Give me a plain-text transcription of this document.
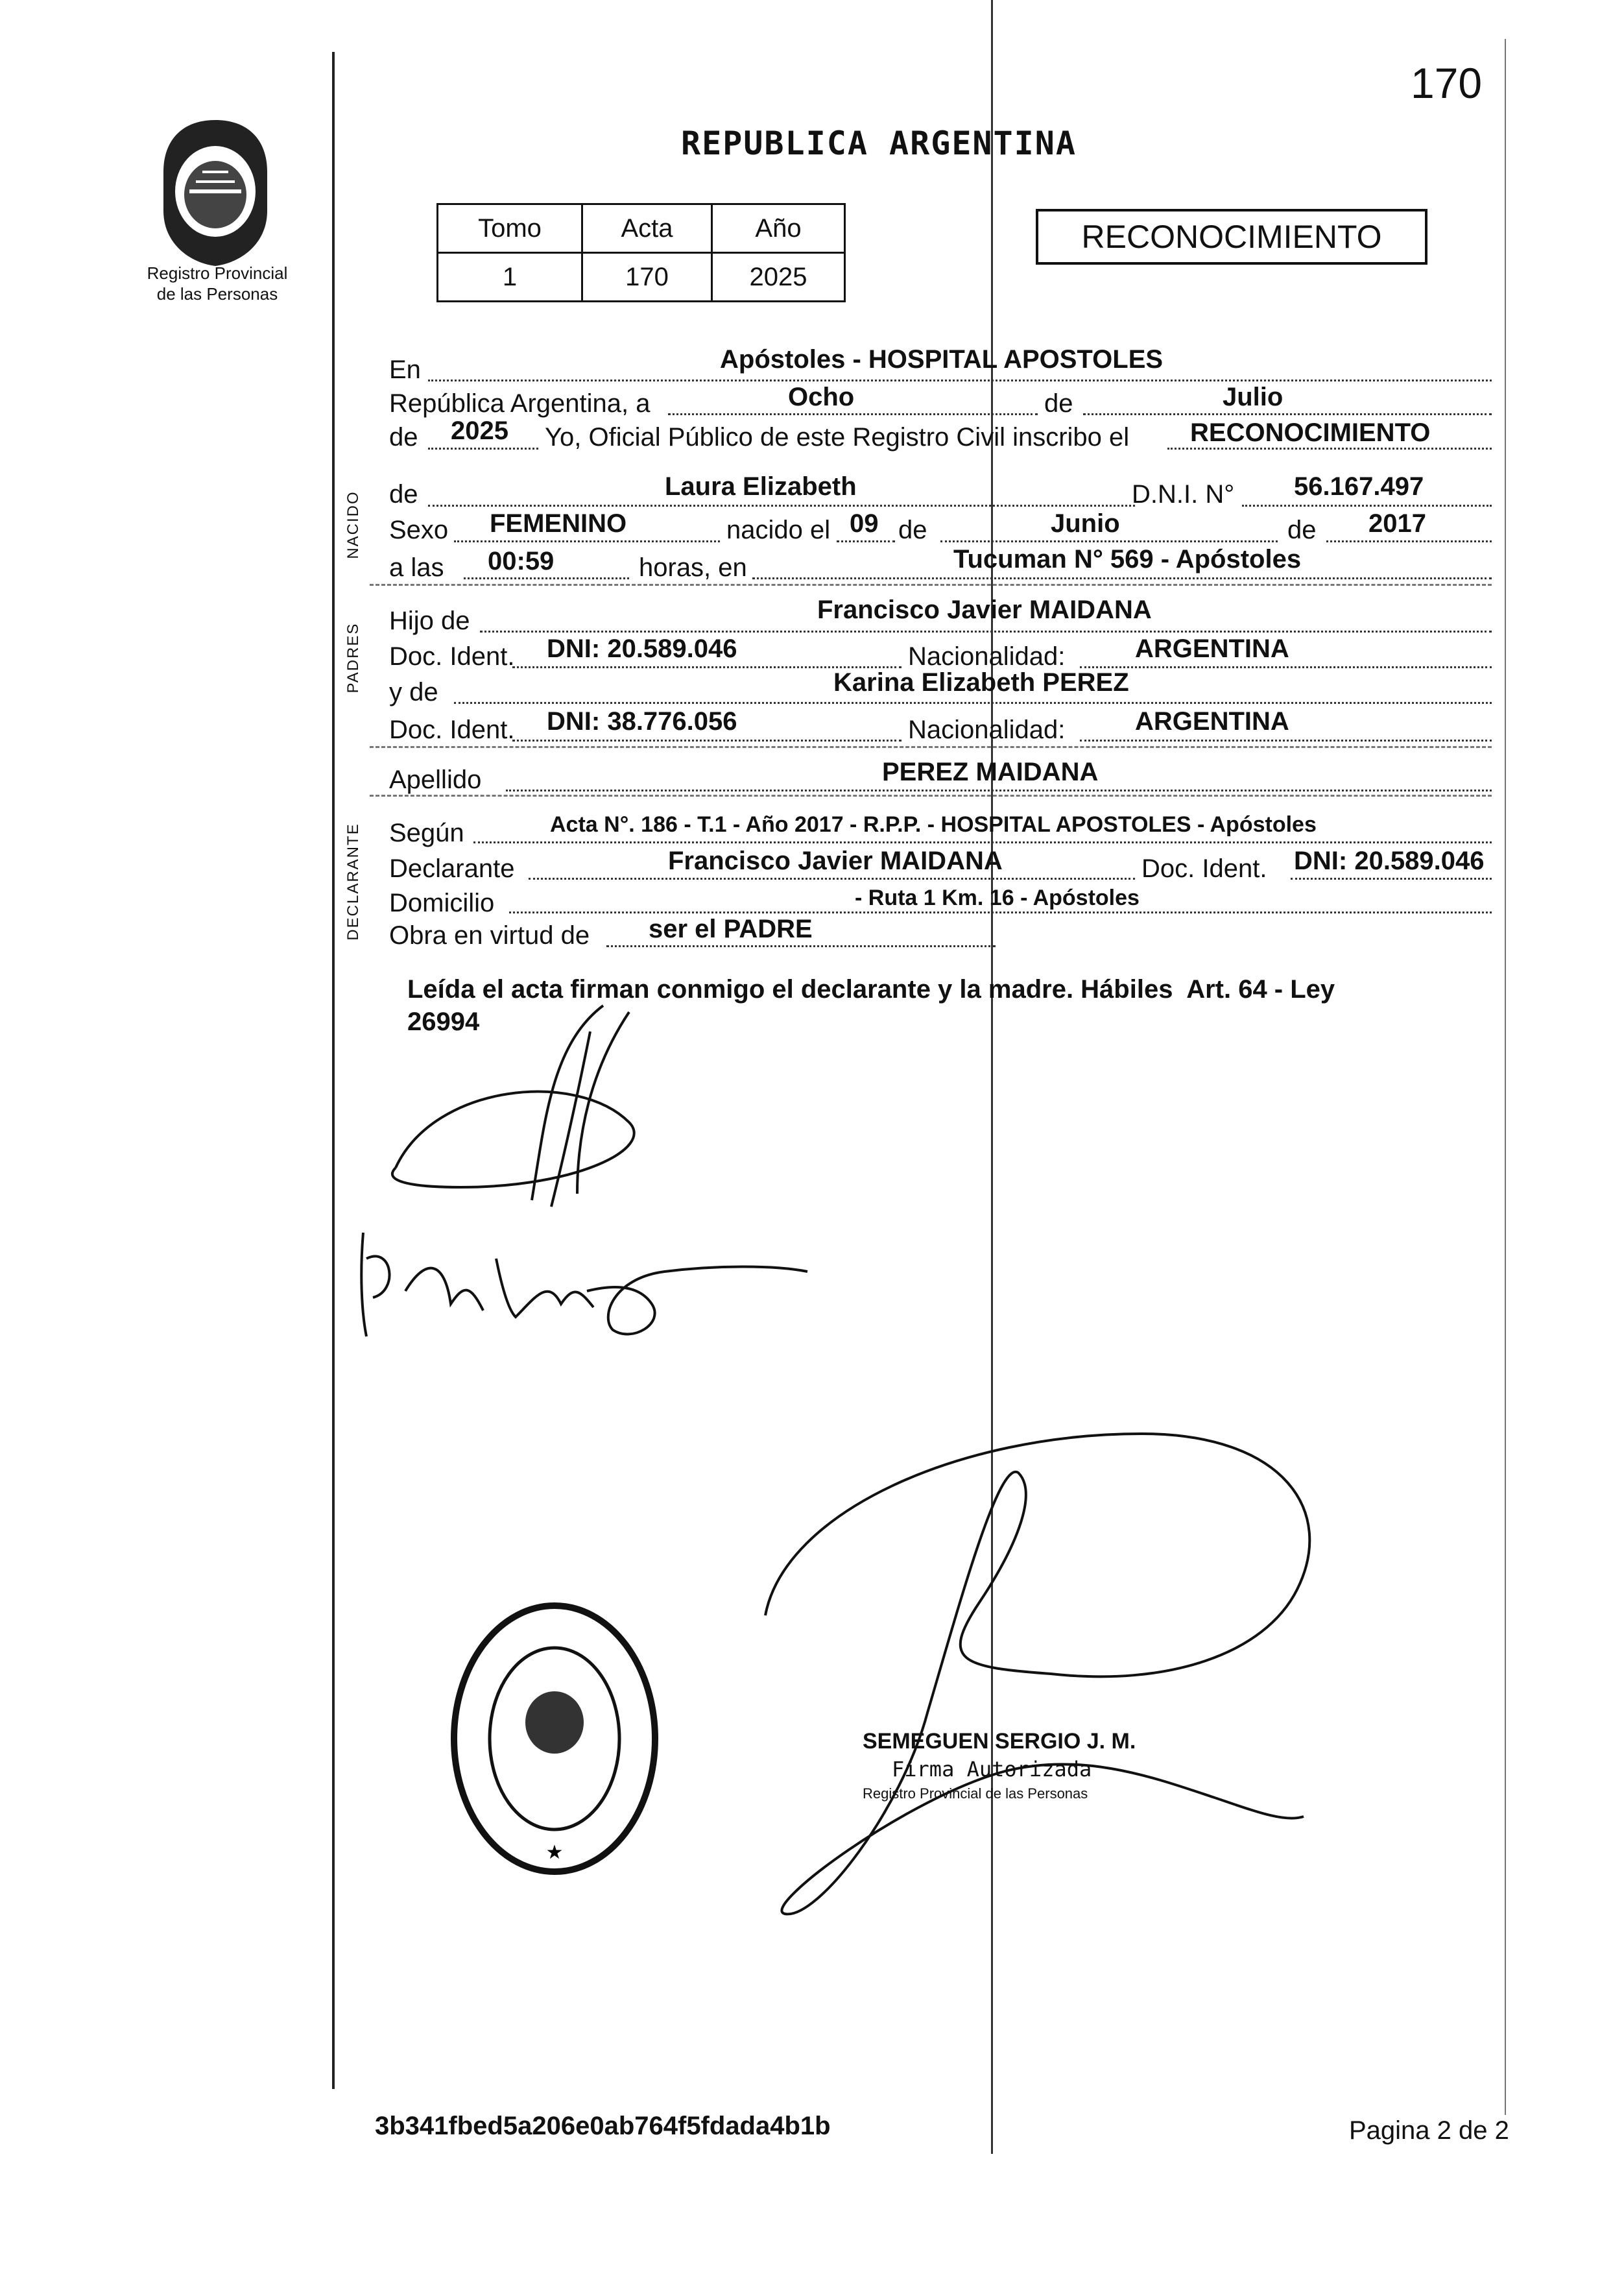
Registro Provincial
de las Personas
170
REPUBLICA ARGENTINA
Tomo	Acta	Año
1	170	2025
RECONOCIMIENTO
NACIDO
PADRES
DECLARANTE
En	Apóstoles - HOSPITAL APOSTOLES
República Argentina, a	Ocho	de	Julio
de 2025 Yo, Oficial Público de este Registro Civil inscribo el RECONOCIMIENTO
de	Laura Elizabeth	D.N.I. N° 56.167.497
Sexo FEMENINO	nacido el 09 de	Junio	de 2017
a las 00:59	horas, en	Tucuman N° 569 - Apóstoles
Hijo de	Francisco Javier MAIDANA
Doc. Ident. DNI: 20.589.046	Nacionalidad:	ARGENTINA
y de	Karina Elizabeth PEREZ
Doc. Ident. DNI: 38.776.056	Nacionalidad:	ARGENTINA
Apellido	PEREZ MAIDANA
Según	Acta N°. 186 - T.1 - Año 2017 - R.P.P. - HOSPITAL APOSTOLES - Apóstoles
Declarante	Francisco Javier MAIDANA	Doc. Ident. DNI: 20.589.046
Domicilio	- Ruta 1 Km. 16 - Apóstoles
Obra en virtud de ser el PADRE
Leída el acta firman conmigo el declarante y la madre. Hábiles  Art. 64 - Ley
26994
★
SEMEGUEN SERGIO J. M.
Firma Autorizada
Registro Provincial de las Personas
3b341fbed5a206e0ab764f5fdada4b1b	Pagina 2 de 2
